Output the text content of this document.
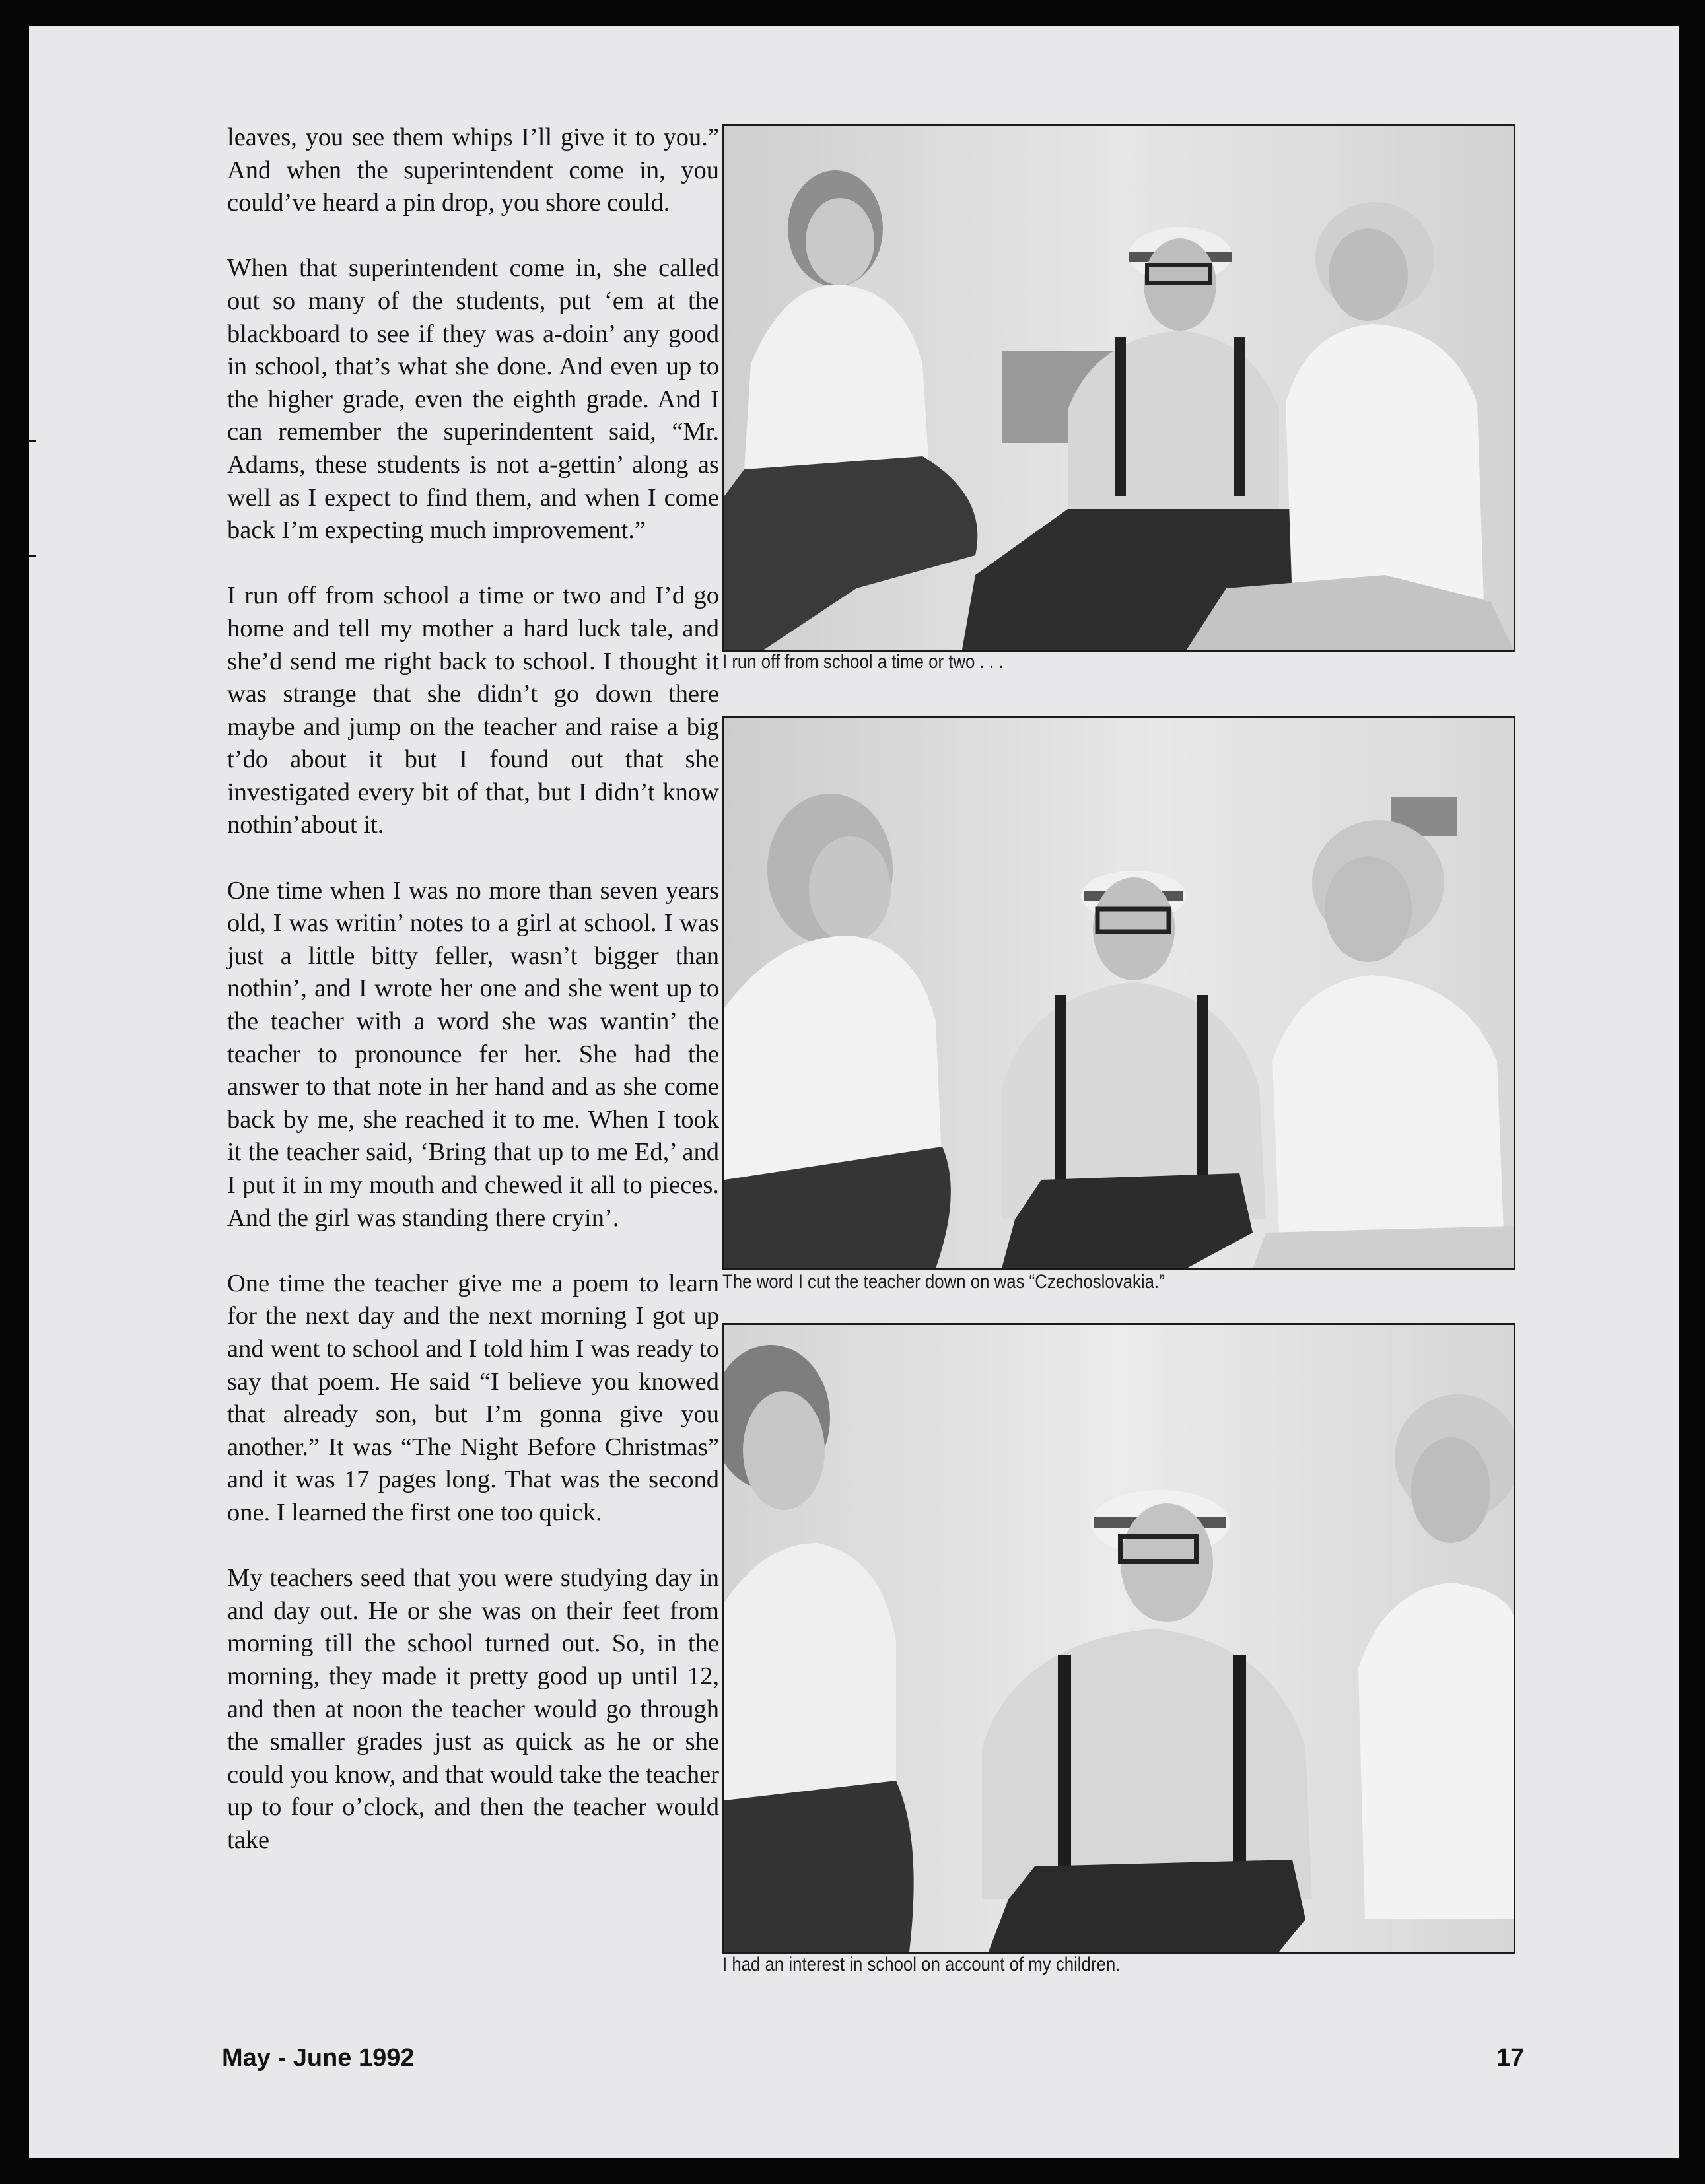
leaves, you see them whips I’ll give it to you.” And when the superintendent come in, you could’ve heard a pin drop, you shore could.

When that superintendent come in, she called out so many of the students, put ‘em at the blackboard to see if they was a-doin’ any good in school, that’s what she done. And even up to the higher grade, even the eighth grade. And I can remember the superindentent said, “Mr. Adams, these students is not a-gettin’ along as well as I expect to find them, and when I come back I’m expecting much improvement.”

I run off from school a time or two and I’d go home and tell my mother a hard luck tale, and she’d send me right back to school. I thought it was strange that she didn’t go down there maybe and jump on the teacher and raise a big t’do about it but I found out that she investigated every bit of that, but I didn’t know nothin’about it.

One time when I was no more than seven years old, I was writin’ notes to a girl at school. I was just a little bitty feller, wasn’t bigger than nothin’, and I wrote her one and she went up to the teacher with a word she was wantin’ the teacher to pronounce fer her. She had the answer to that note in her hand and as she come back by me, she reached it to me. When I took it the teacher said, ‘Bring that up to me Ed,’ and I put it in my mouth and chewed it all to pieces. And the girl was standing there cryin’.

One time the teacher give me a poem to learn for the next day and the next morning I got up and went to school and I told him I was ready to say that poem. He said “I believe you knowed that already son, but I’m gonna give you another.” It was “The Night Before Christmas” and it was 17 pages long. That was the second one. I learned the first one too quick.

My teachers seed that you were studying day in and day out. He or she was on their feet from morning till the school turned out. So, in the morning, they made it pretty good up until 12, and then at noon the teacher would go through the smaller grades just as quick as he or she could you know, and that would take the teacher up to four o’clock, and then the teacher would take

I run off from school a time or two . . .
The word I cut the teacher down on was “Czechoslovakia.”
I had an interest in school on account of my children.
May - June 1992	17
